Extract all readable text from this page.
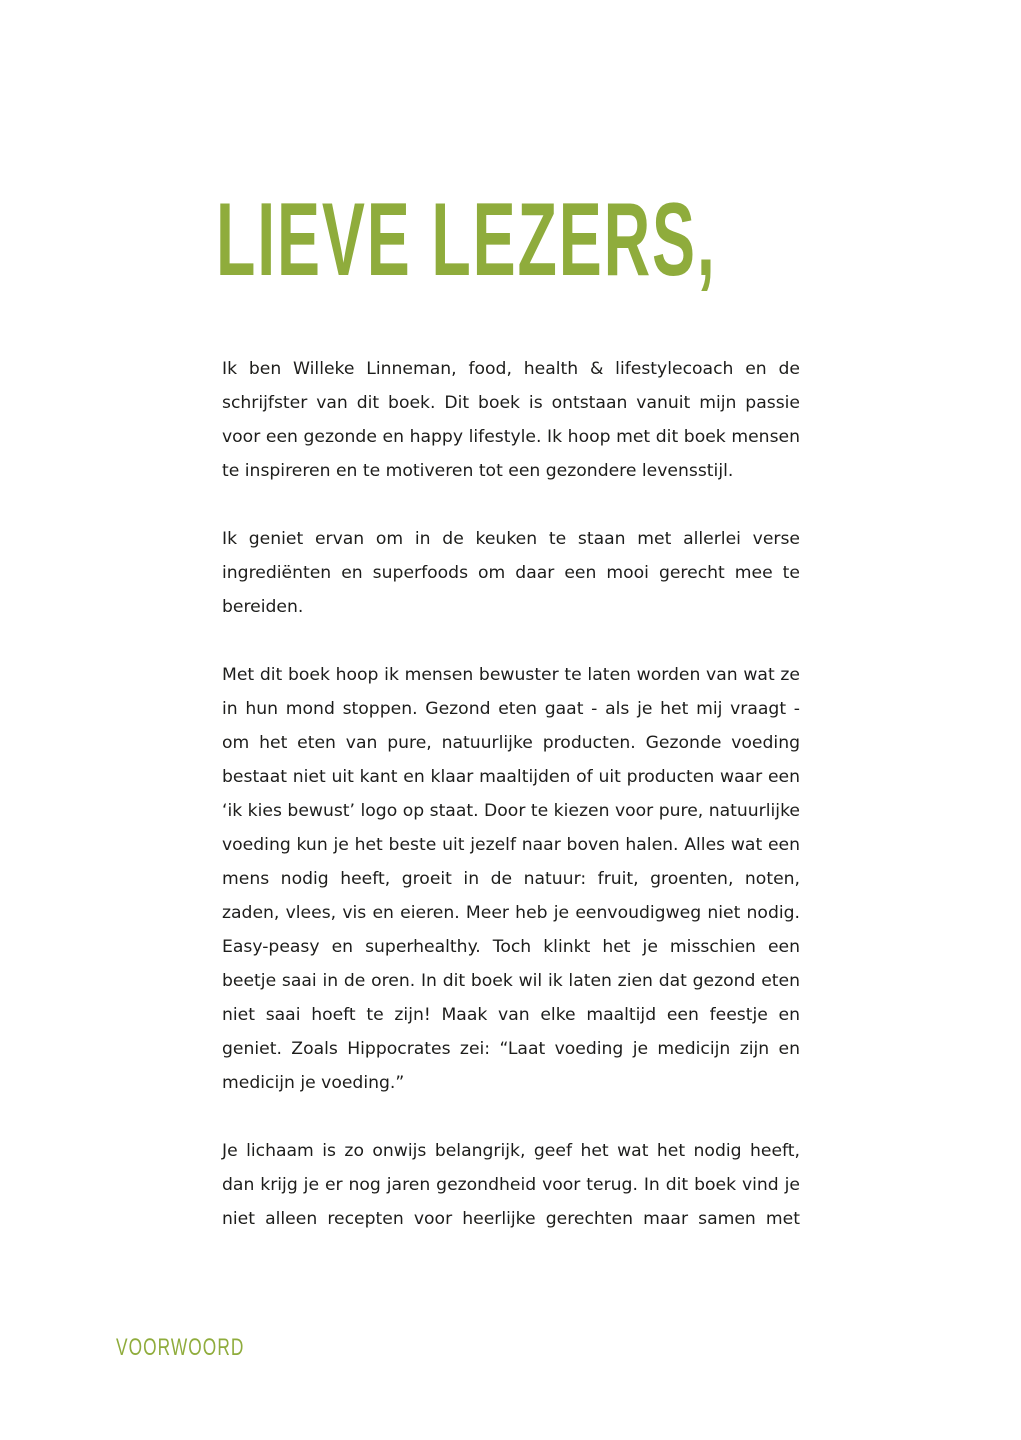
LIEVE LEZERS,

Ik ben Willeke Linneman, food, health & lifestylecoach en de schrijfster van dit boek. Dit boek is ontstaan vanuit mijn passie voor een gezonde en happy lifestyle. Ik hoop met dit boek mensen te inspireren en te motiveren tot een gezondere levensstijl.

Ik geniet ervan om in de keuken te staan met allerlei verse ingrediënten en superfoods om daar een mooi gerecht mee te bereiden.

Met dit boek hoop ik mensen bewuster te laten worden van wat ze in hun mond stoppen. Gezond eten gaat - als je het mij vraagt - om het eten van pure, natuurlijke producten. Gezonde voeding bestaat niet uit kant en klaar maaltijden of uit producten waar een ‘ik kies bewust’ logo op staat. Door te kiezen voor pure, natuurlijke voeding kun je het beste uit jezelf naar boven halen. Alles wat een mens nodig heeft, groeit in de natuur: fruit, groenten, noten, zaden, vlees, vis en eieren. Meer heb je eenvoudigweg niet nodig. Easy-peasy en superhealthy. Toch klinkt het je misschien een beetje saai in de oren. In dit boek wil ik laten zien dat gezond eten niet saai hoeft te zijn! Maak van elke maaltijd een feestje en geniet. Zoals Hippocrates zei: “Laat voeding je medicijn zijn en medicijn je voeding.”

Je lichaam is zo onwijs belangrijk, geef het wat het nodig heeft, dan krijg je er nog jaren gezondheid voor terug. In dit boek vind je niet alleen recepten voor heerlijke gerechten maar samen met

VOORWOORD
